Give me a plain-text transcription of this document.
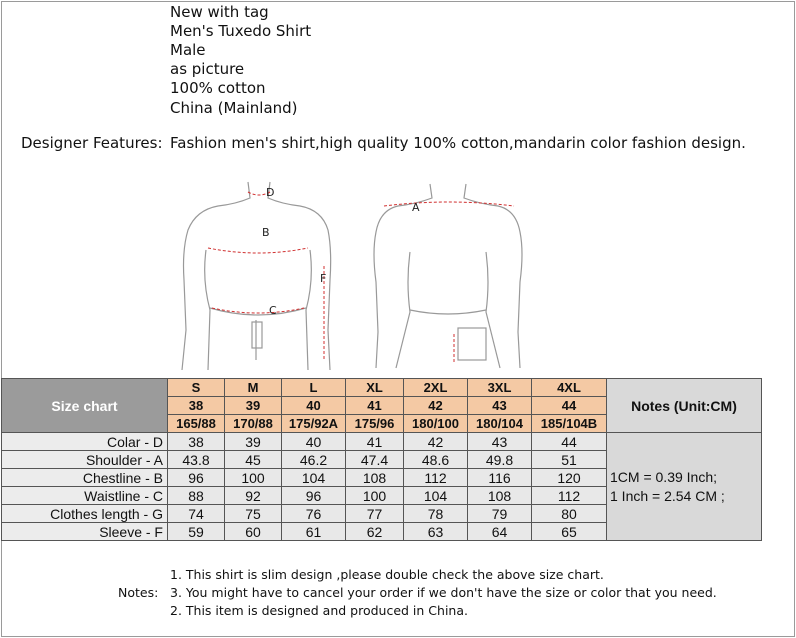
New with tag
Men's Tuxedo Shirt
Male
as picture
100% cotton
China (Mainland)
Designer Features: Fashion men's shirt,high quality 100% cotton,mandarin color fashion design.
D
B
F
C
A
Size chart	S	M	L	XL	2XL	3XL	4XL	Notes (Unit:CM)
	38	39	40	41	42	43	44	
	165/88	170/88	175/92A	175/96	180/100	180/104	185/104B	
Colar - D	38	39	40	41	42	43	44	1CM = 0.39 Inch;
1 Inch = 2.54 CM ;

Shoulder - A	43.8	45	46.2	47.4	48.6	49.8	51	
Chestline - B	96	100	104	108	112	116	120	
Waistline - C	88	92	96	100	104	108	112	
Clothes length - G	74	75	76	77	78	79	80	
Sleeve - F	59	60	61	62	63	64	65	
Notes:
1. This shirt is slim design ,please double check the above size chart.
3. You might have to cancel your order if we don't have the size or color that you need.
2. This item is designed and produced in China.
